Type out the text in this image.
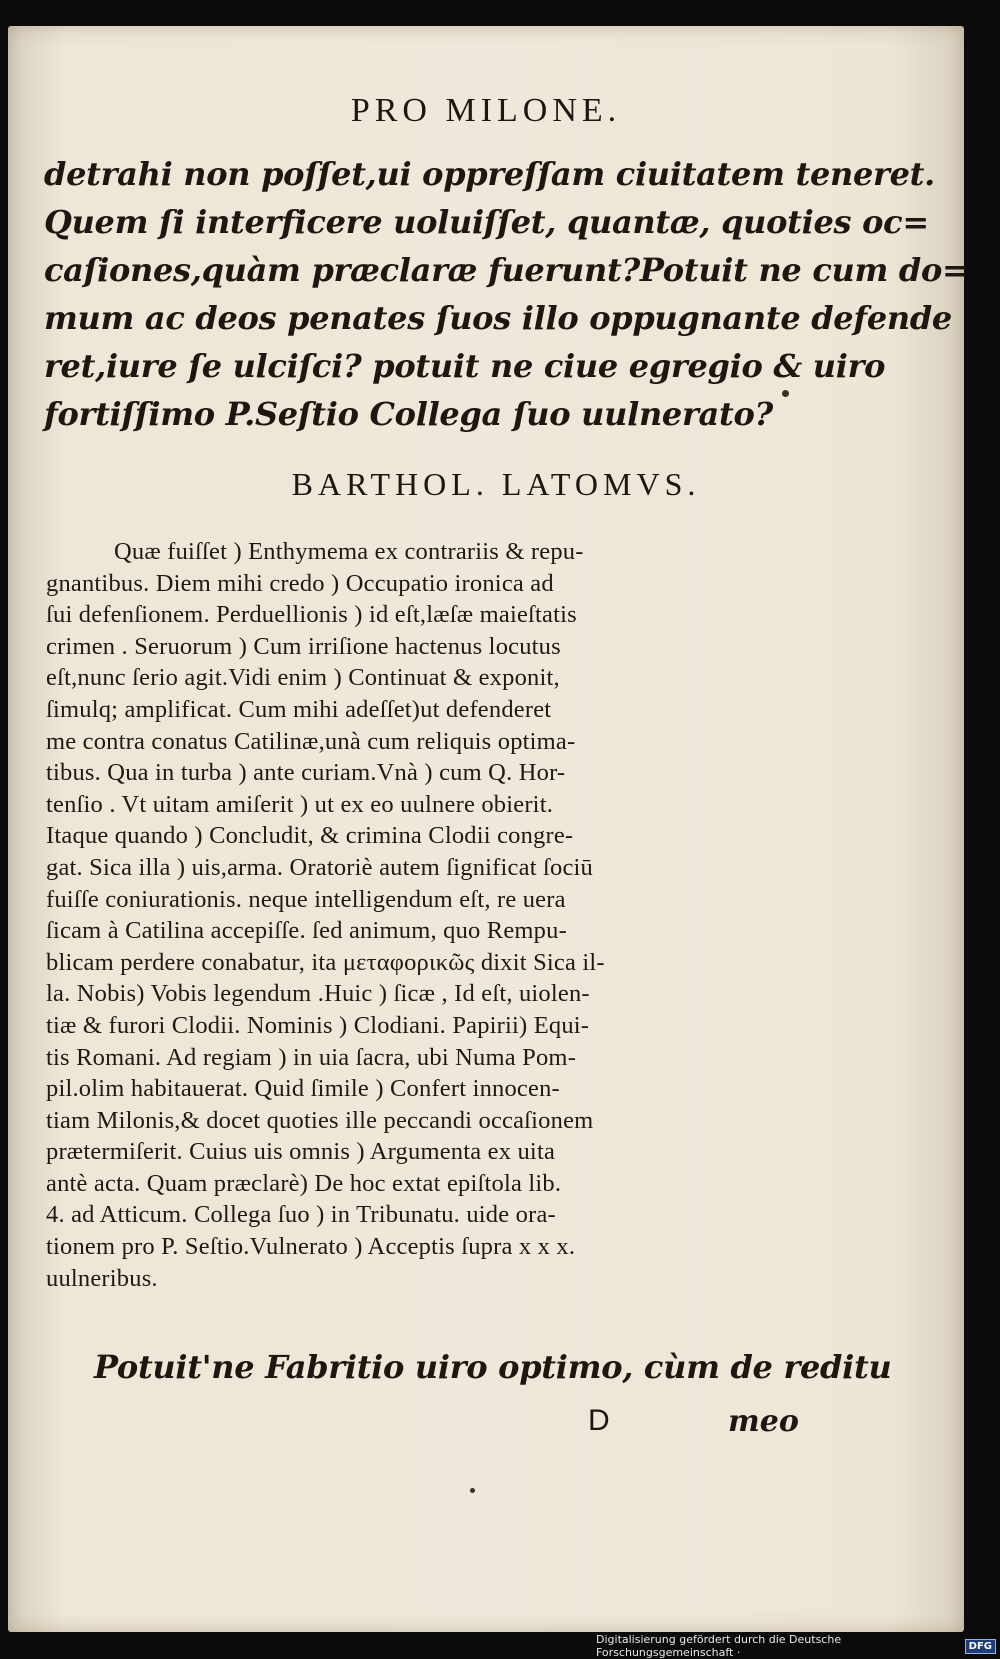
PRO MILONE.
detrahi non poſſet,ui oppreſſam ciuitatem teneret.
Quem ſi interficere uoluiſſet, quantæ, quoties oc=
caſiones,quàm præclaræ fuerunt?Potuit ne cum do=
mum ac deos penates ſuos illo oppugnante defende
ret,iure ſe ulciſci? potuit ne ciue egregio & uiro
fortiſſimo P.Seſtio Collega ſuo uulnerato?
BARTHOL. LATOMVS.
Quæ fuiſſet ) Enthymema ex contrariis & repu-
gnantibus. Diem mihi credo ) Occupatio ironica ad
ſui defenſionem. Perduellionis ) id eſt,læſæ maieſtatis
crimen . Seruorum ) Cum irriſione hactenus locutus
eſt,nunc ſerio agit.Vidi enim ) Continuat & exponit,
ſimulq; amplificat. Cum mihi adeſſet)ut defenderet
me contra conatus Catilinæ,unà cum reliquis optima-
tibus. Qua in turba ) ante curiam.Vnà ) cum Q. Hor-
tenſio . Vt uitam amiſerit ) ut ex eo uulnere obierit.
Itaque quando ) Concludit, & crimina Clodii congre-
gat. Sica illa ) uis,arma. Oratoriè autem ſignificat ſociū
fuiſſe coniurationis. neque intelligendum eſt, re uera
ſicam à Catilina accepiſſe. ſed animum, quo Rempu-
blicam perdere conabatur, ita μεταφορικῶς dixit Sica il-
la. Nobis) Vobis legendum .Huic ) ſicæ , Id eſt, uiolen-
tiæ & furori Clodii. Nominis ) Clodiani. Papirii) Equi-
tis Romani. Ad regiam ) in uia ſacra, ubi Numa Pom-
pil.olim habitauerat. Quid ſimile ) Confert innocen-
tiam Milonis,& docet quoties ille peccandi occaſionem
prætermiſerit. Cuius uis omnis ) Argumenta ex uita
antè acta. Quam præclarè) De hoc extat epiſtola lib.
4. ad Atticum. Collega ſuo ) in Tribunatu. uide ora-
tionem pro P. Seſtio.Vulnerato ) Acceptis ſupra x x x.
uulneribus.
Potuit'ne Fabritio uiro optimo, cùm de reditu
D	meo
Digitalisierung gefördert durch die Deutsche Forschungsgemeinschaft ·	DFG
